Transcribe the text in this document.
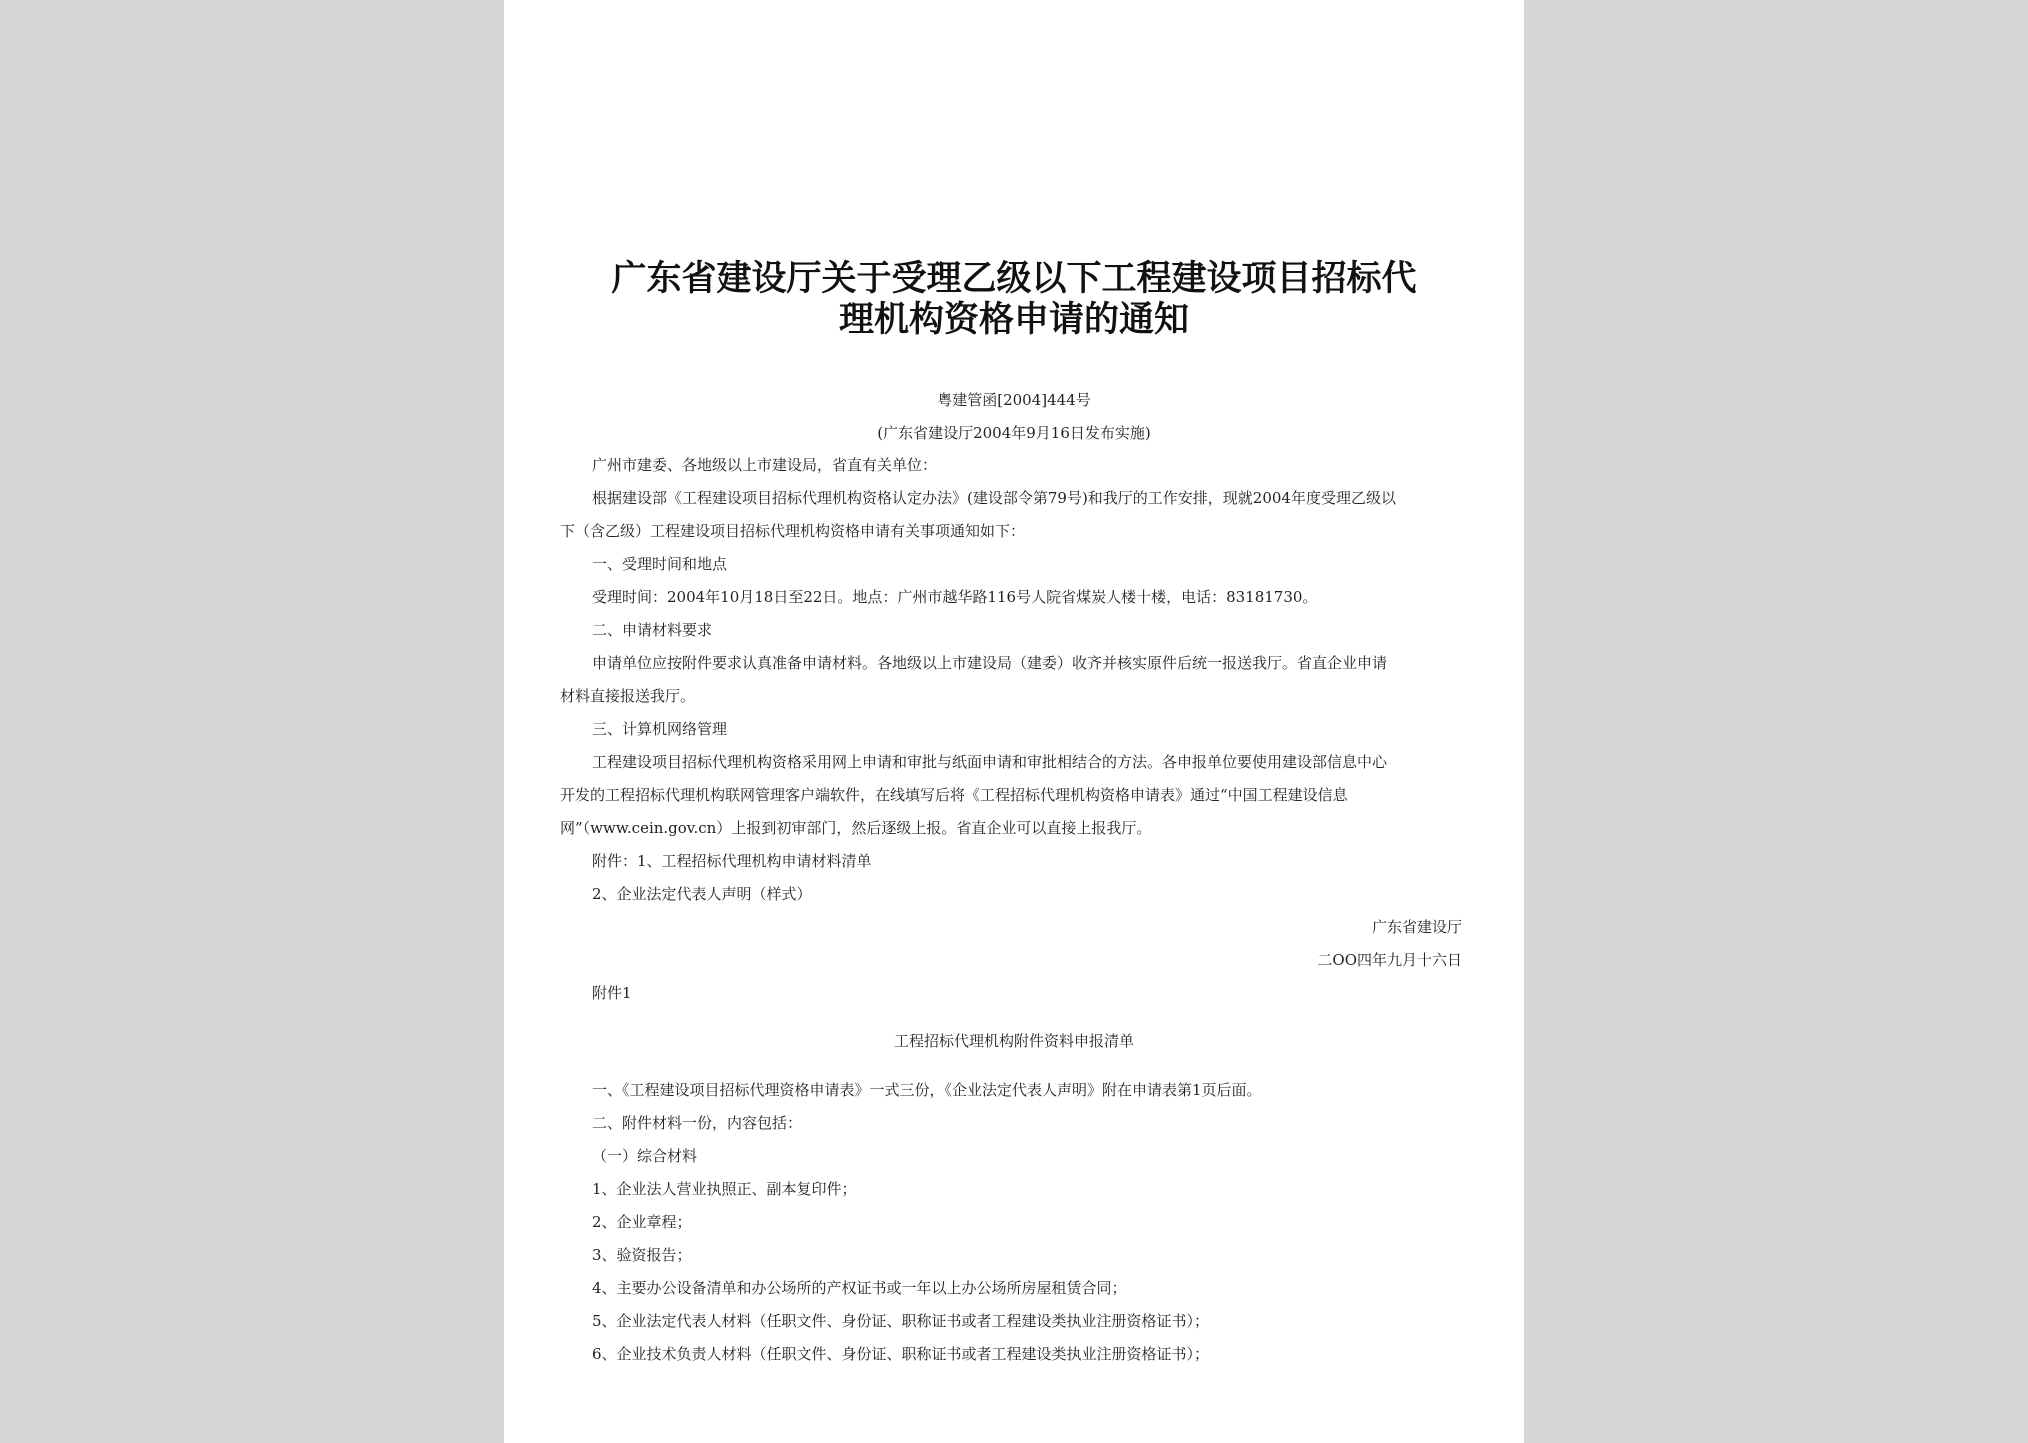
广东省建设厅关于受理乙级以下工程建设项目招标代
理机构资格申请的通知
粤建管函[2004]444号
(广东省建设厅2004年9月16日发布实施)
广州市建委、各地级以上市建设局，省直有关单位：
根据建设部《工程建设项目招标代理机构资格认定办法》(建设部令第79号)和我厅的工作安排，现就2004年度受理乙级以
下（含乙级）工程建设项目招标代理机构资格申请有关事项通知如下：
一、受理时间和地点
受理时间：2004年10月18日至22日。地点：广州市越华路116号人院省煤炭人楼十楼，电话：83181730。
二、申请材料要求
申请单位应按附件要求认真准备申请材料。各地级以上市建设局（建委）收齐并核实原件后统一报送我厅。省直企业申请
材料直接报送我厅。
三、计算机网络管理
工程建设项目招标代理机构资格采用网上申请和审批与纸面申请和审批相结合的方法。各申报单位要使用建设部信息中心
开发的工程招标代理机构联网管理客户端软件，在线填写后将《工程招标代理机构资格申请表》通过“中国工程建设信息
网”（www.cein.gov.cn）上报到初审部门，然后逐级上报。省直企业可以直接上报我厅。
附件：1、工程招标代理机构申请材料清单
2、企业法定代表人声明（样式）
广东省建设厅
二OO四年九月十六日
附件1
工程招标代理机构附件资料申报清单
一、《工程建设项目招标代理资格申请表》一式三份，《企业法定代表人声明》附在申请表第1页后面。
二、附件材料一份，内容包括：
（一）综合材料
1、企业法人营业执照正、副本复印件；
2、企业章程；
3、验资报告；
4、主要办公设备清单和办公场所的产权证书或一年以上办公场所房屋租赁合同；
5、企业法定代表人材料（任职文件、身份证、职称证书或者工程建设类执业注册资格证书）；
6、企业技术负责人材料（任职文件、身份证、职称证书或者工程建设类执业注册资格证书）；
